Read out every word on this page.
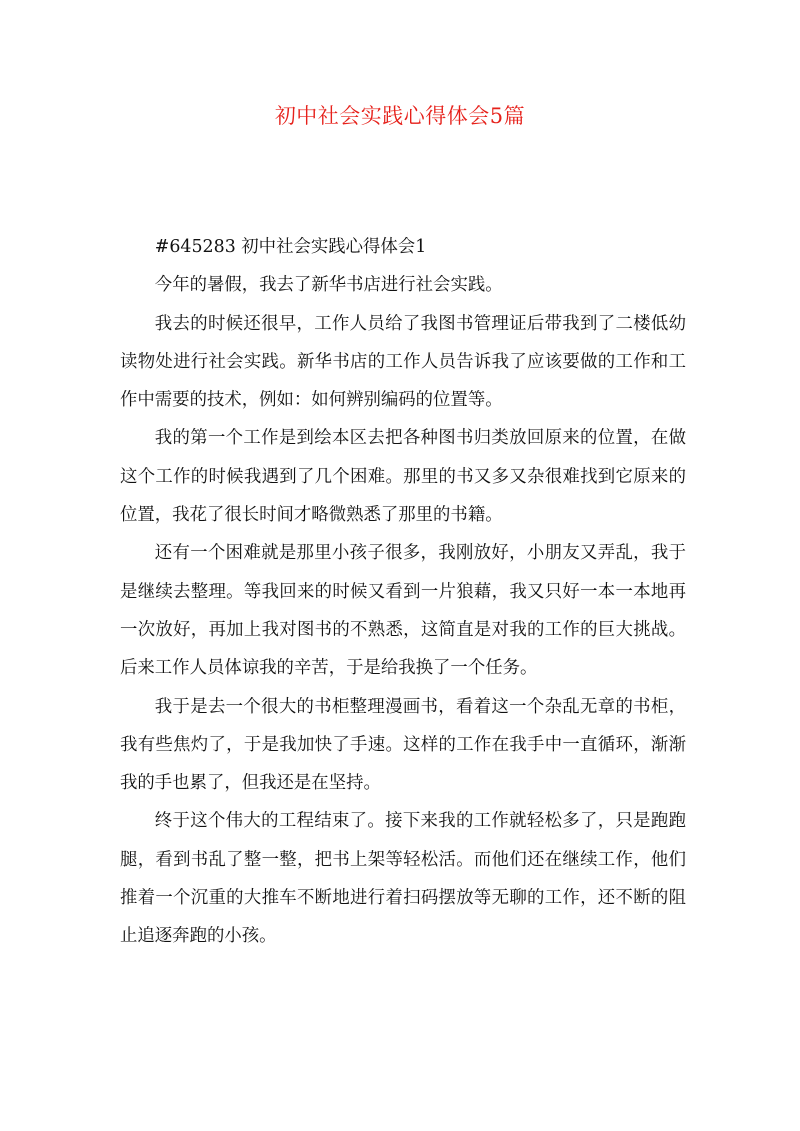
初中社会实践心得体会5篇

#645283 初中社会实践心得体会1

今年的暑假，我去了新华书店进行社会实践。

我去的时候还很早，工作人员给了我图书管理证后带我到了二楼低幼读物处进行社会实践。新华书店的工作人员告诉我了应该要做的工作和工作中需要的技术，例如：如何辨别编码的位置等。

我的第一个工作是到绘本区去把各种图书归类放回原来的位置，在做这个工作的时候我遇到了几个困难。那里的书又多又杂很难找到它原来的位置，我花了很长时间才略微熟悉了那里的书籍。

还有一个困难就是那里小孩子很多，我刚放好，小朋友又弄乱，我于是继续去整理。等我回来的时候又看到一片狼藉，我又只好一本一本地再一次放好，再加上我对图书的不熟悉，这简直是对我的工作的巨大挑战。后来工作人员体谅我的辛苦，于是给我换了一个任务。

我于是去一个很大的书柜整理漫画书，看着这一个杂乱无章的书柜，我有些焦灼了，于是我加快了手速。这样的工作在我手中一直循环，渐渐我的手也累了，但我还是在坚持。

终于这个伟大的工程结束了。接下来我的工作就轻松多了，只是跑跑腿，看到书乱了整一整，把书上架等轻松活。而他们还在继续工作，他们推着一个沉重的大推车不断地进行着扫码摆放等无聊的工作，还不断的阻止追逐奔跑的小孩。
